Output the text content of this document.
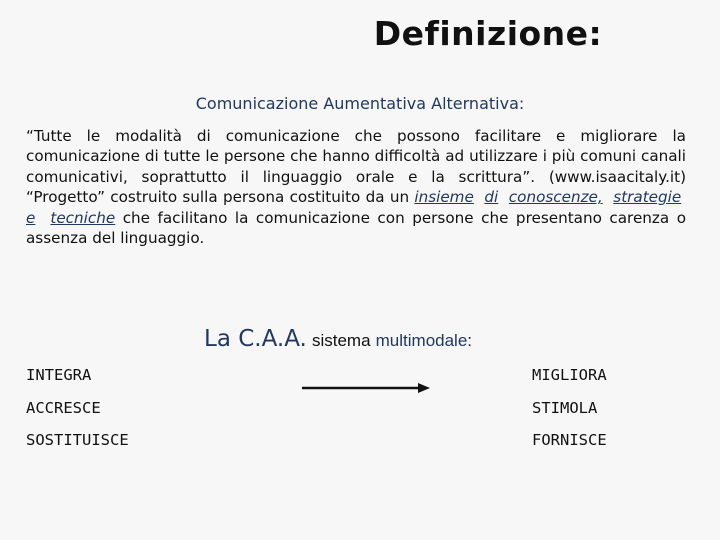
Definizione:
Comunicazione Aumentativa Alternativa:
“Tutte le modalità di comunicazione che possono facilitare e migliorare la comunicazione di tutte le persone che hanno difficoltà ad utilizzare i più comuni canali comunicativi, soprattutto il linguaggio orale e la scrittura”. (www.isaacitaly.it) “Progetto” costruito sulla persona costituito da un insieme di conoscenze, strategie  e tecniche che facilitano la comunicazione con persone che presentano carenza o assenza del linguaggio.
La C.A.A. sistema multimodale:
INTEGRA
ACCRESCE
SOSTITUISCE
MIGLIORA
STIMOLA
FORNISCE
